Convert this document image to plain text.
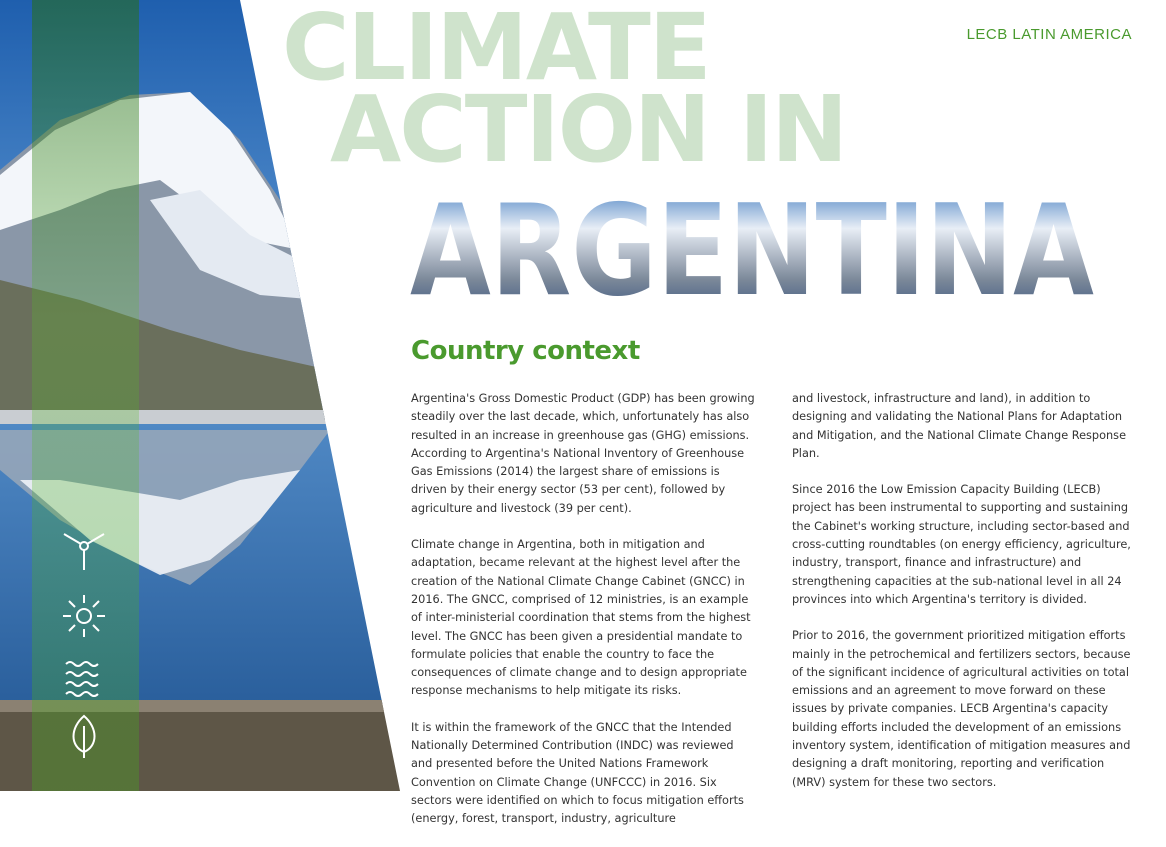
LECB LATIN AMERICA
CLIMATE
ACTION IN
ARGENTINA
Country context

Argentina's Gross Domestic Product (GDP) has been growing steadily over the last decade, which, unfortunately has also resulted in an increase in greenhouse gas (GHG) emissions. According to Argentina's National Inventory of Greenhouse Gas Emissions (2014) the largest share of emissions is driven by their energy sector (53 per cent), followed by agriculture and livestock (39 per cent).

Climate change in Argentina, both in mitigation and adaptation, became relevant at the highest level after the creation of the National Climate Change Cabinet (GNCC) in 2016. The GNCC, comprised of 12 ministries, is an example of inter-ministerial coordination that stems from the highest level. The GNCC has been given a presidential mandate to formulate policies that enable the country to face the consequences of climate change and to design appropriate response mechanisms to help mitigate its risks.

It is within the framework of the GNCC that the Intended Nationally Determined Contribution (INDC) was reviewed and presented before the United Nations Framework Convention on Climate Change (UNFCCC) in 2016. Six sectors were identified on which to focus mitigation efforts (energy, forest, transport, industry, agriculture

and livestock, infrastructure and land), in addition to designing and validating the National Plans for Adaptation and Mitigation, and the National Climate Change Response Plan.

Since 2016 the Low Emission Capacity Building (LECB) project has been instrumental to supporting and sustaining the Cabinet's working structure, including sector-based and cross-cutting roundtables (on energy efficiency, agriculture, industry, transport, finance and infrastructure) and strengthening capacities at the sub-national level in all 24 provinces into which Argentina's territory is divided.

Prior to 2016, the government prioritized mitigation efforts mainly in the petrochemical and fertilizers sectors, because of the significant incidence of agricultural activities on total emissions and an agreement to move forward on these issues by private companies. LECB Argentina's capacity building efforts included the development of an emissions inventory system, identification of mitigation measures and designing a draft monitoring, reporting and verification (MRV) system for these two sectors.
